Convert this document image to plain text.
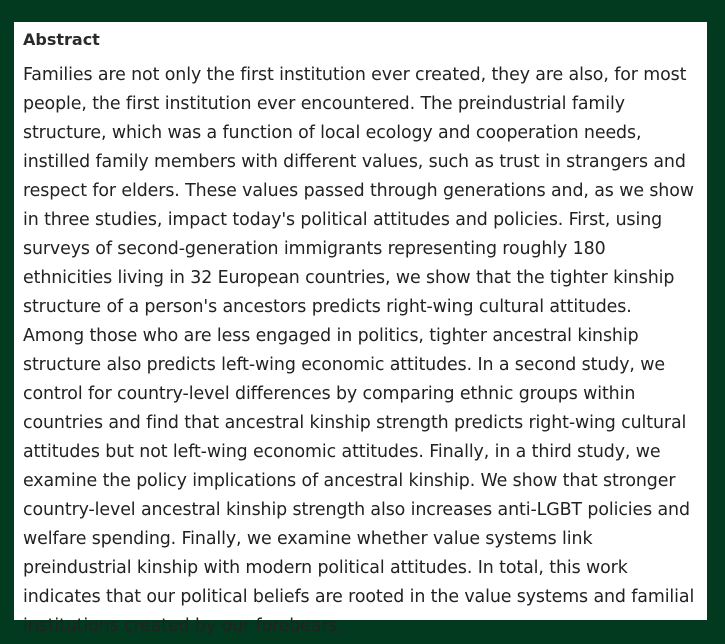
Abstract

Families are not only the first institution ever created, they are also, for most people, the first institution ever encountered. The preindustrial family structure, which was a function of local ecology and cooperation needs, instilled family members with different values, such as trust in strangers and respect for elders. These values passed through generations and, as we show in three studies, impact today's political attitudes and policies. First, using surveys of second-generation immigrants representing roughly 180 ethnicities living in 32 European countries, we show that the tighter kinship structure of a person's ancestors predicts right-wing cultural attitudes. Among those who are less engaged in politics, tighter ancestral kinship structure also predicts left-wing economic attitudes. In a second study, we control for country-level differences by comparing ethnic groups within countries and find that ancestral kinship strength predicts right-wing cultural attitudes but not left-wing economic attitudes. Finally, in a third study, we examine the policy implications of ancestral kinship. We show that stronger country-level ancestral kinship strength also increases anti-LGBT policies and welfare spending. Finally, we examine whether value systems link preindustrial kinship with modern political attitudes. In total, this work indicates that our political beliefs are rooted in the value systems and familial institutions created by our forebears.
